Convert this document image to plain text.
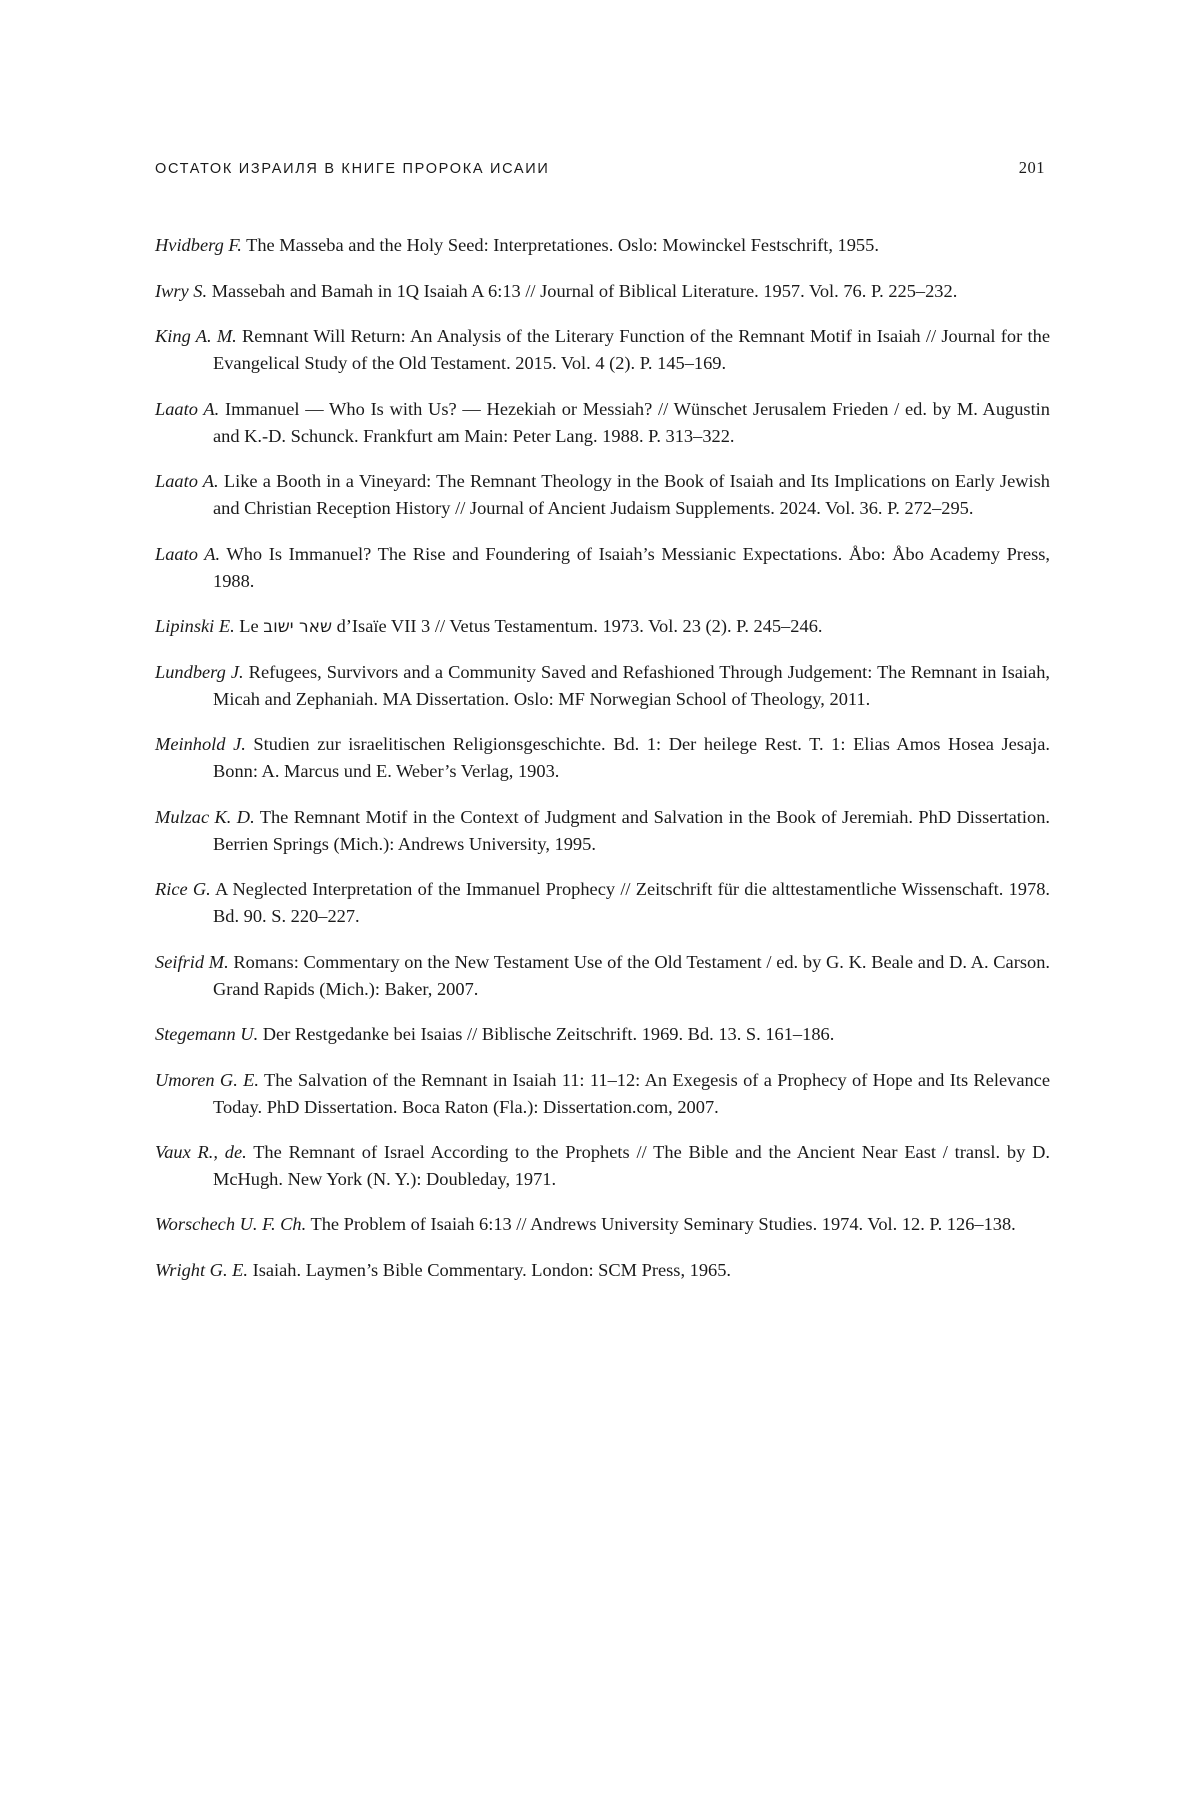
ОСТАТОК ИЗРАИЛЯ В КНИГЕ ПРОРОКА ИСАИИ	201

Hvidberg F. The Masseba and the Holy Seed: Interpretationes. Oslo: Mowinckel Festschrift, 1955.

Iwry S. Massebah and Bamah in 1Q Isaiah A 6:13 // Journal of Biblical Literature. 1957. Vol. 76. P. 225–232.

King A. M. Remnant Will Return: An Analysis of the Literary Function of the Remnant Motif in Isaiah // Journal for the Evangelical Study of the Old Testament. 2015. Vol. 4 (2). P. 145–169.

Laato A. Immanuel — Who Is with Us? — Hezekiah or Messiah? // Wünschet Jerusalem Frieden / ed. by M. Augustin and K.-D. Schunck. Frankfurt am Main: Peter Lang. 1988. P. 313–322.

Laato A. Like a Booth in a Vineyard: The Remnant Theology in the Book of Isaiah and Its Implications on Early Jewish and Christian Reception History // Journal of Ancient Judaism Supplements. 2024. Vol. 36. P. 272–295.

Laato A. Who Is Immanuel? The Rise and Foundering of Isaiah’s Messianic Expectations. Åbo: Åbo Academy Press, 1988.

Lipinski E. Le שאר ישוב d’Isaïe VII 3 // Vetus Testamentum. 1973. Vol. 23 (2). P. 245–246.

Lundberg J. Refugees, Survivors and a Community Saved and Refashioned Through Judgement: The Remnant in Isaiah, Micah and Zephaniah. MA Dissertation. Oslo: MF Norwegian School of Theology, 2011.

Meinhold J. Studien zur israelitischen Religionsgeschichte. Bd. 1: Der heilege Rest. T. 1: Elias Amos Hosea Jesaja. Bonn: A. Marcus und E. Weber’s Verlag, 1903.

Mulzac K. D. The Remnant Motif in the Context of Judgment and Salvation in the Book of Jeremiah. PhD Dissertation. Berrien Springs (Mich.): Andrews University, 1995.

Rice G. A Neglected Interpretation of the Immanuel Prophecy // Zeitschrift für die alttestamentliche Wissenschaft. 1978. Bd. 90. S. 220–227.

Seifrid M. Romans: Commentary on the New Testament Use of the Old Testament / ed. by G. K. Beale and D. A. Carson. Grand Rapids (Mich.): Baker, 2007.

Stegemann U. Der Restgedanke bei Isaias // Biblische Zeitschrift. 1969. Bd. 13. S. 161–186.

Umoren G. E. The Salvation of the Remnant in Isaiah 11: 11–12: An Exegesis of a Prophecy of Hope and Its Relevance Today. PhD Dissertation. Boca Raton (Fla.): Dissertation.com, 2007.

Vaux R., de. The Remnant of Israel According to the Prophets // The Bible and the Ancient Near East / transl. by D. McHugh. New York (N. Y.): Doubleday, 1971.

Worschech U. F. Ch. The Problem of Isaiah 6:13 // Andrews University Seminary Studies. 1974. Vol. 12. P. 126–138.

Wright G. E. Isaiah. Laymen’s Bible Commentary. London: SCM Press, 1965.
